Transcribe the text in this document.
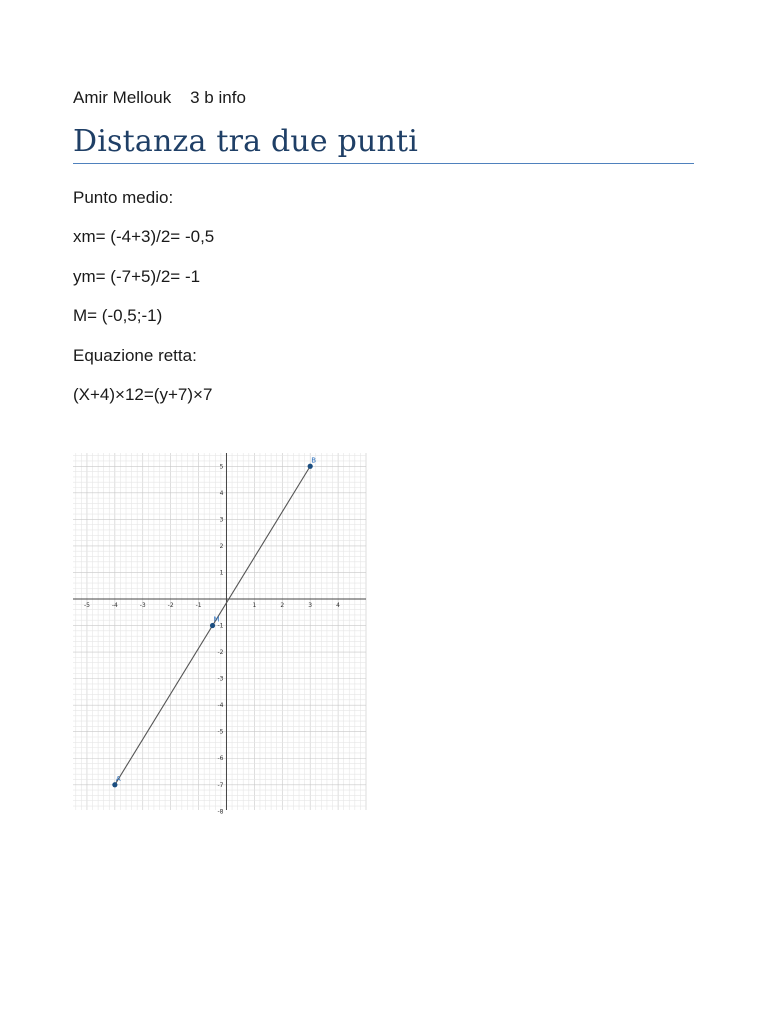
Amir Mellouk    3 b info
Distanza tra due punti

Punto medio:

xm= (-4+3)/2= -0,5

ym= (-7+5)/2= -1

M= (-0,5;-1)

Equazione retta:

(X+4)×12=(y+7)×7

-5	-4	-3	-2	-1	1	2	3	4
5
4
3
2
1
-1
-2
-3
-4
-5
-6
-7
-8
A
B
M
